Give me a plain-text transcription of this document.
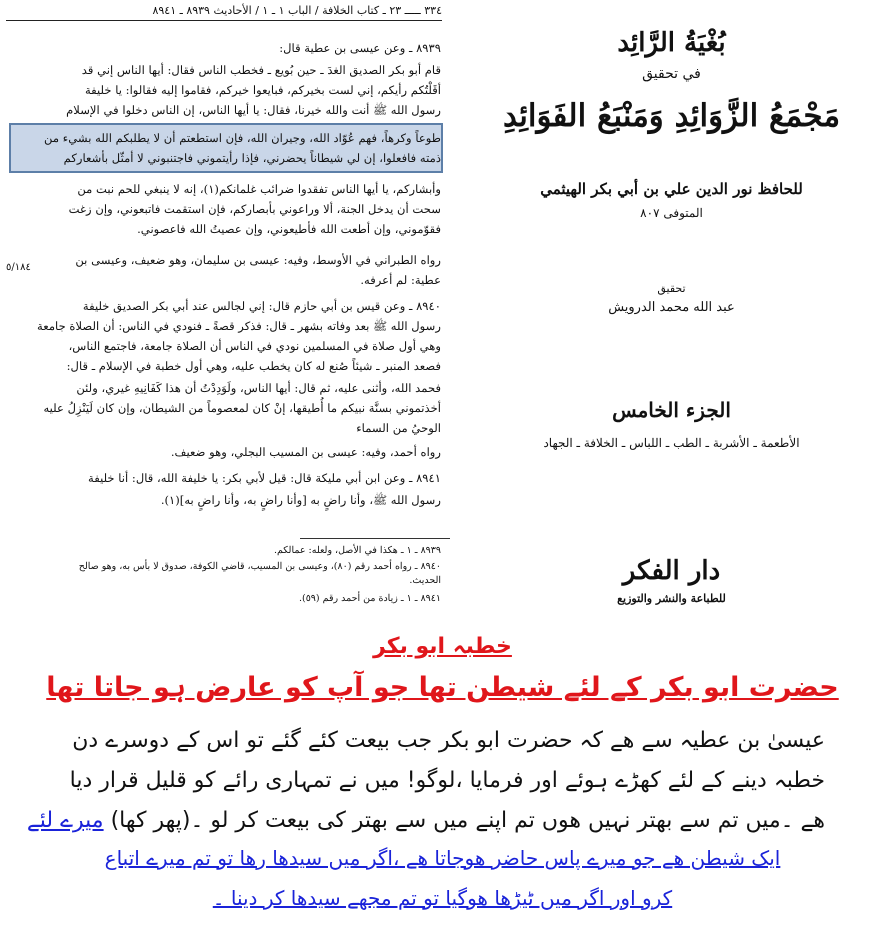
٣٣٤ ـــــ ٢٣ ـ كتاب الخلافة / الباب ١ ـ ١ / الأحاديث ٨٩٣٩ ـ ٨٩٤١
٨٩٣٩ ـ وعن عيسى بن عطية قال:
قام أبو بكر الصديق الغدَ ـ حين بُويع ـ فخطب الناس فقال: أيها الناس إني قد
أقَلْتُكم رأيكم، إني لست بخيركم، فبايعوا خيركم، فقاموا إليه فقالوا: يا خليفة
رسول الله ﷺ أنت والله خيرنا، فقال: يا أيها الناس، إن الناس دخلوا في الإسلام
طوعاً وكرهاً، فهم عُوّاد الله، وجيران الله، فإن استطعتم أن لا يطلبكم الله بشيء من
ذمته فافعلوا، إن لي شيطاناً يحضرني، فإذا رأيتموني فاجتنبوني لا أمثّل بأشعاركم
وأبشاركم، يا أيها الناس تفقدوا ضرائب غلمانكم(١)، إنه لا ينبغي للحم نبت من
سحت أن يدخل الجنة، ألا وراعوني بأبصاركم، فإن استقمت فاتبعوني، وإن زغت
فقوّموني، وإن أطعت الله فأطيعوني، وإن عصيتُ الله فاعصوني.
٥/١٨٤
رواه الطبراني في الأوسط، وفيه: عيسى بن سليمان، وهو ضعيف، وعيسى بن
عطية: لم أعرفه.
٨٩٤٠ ـ وعن قيس بن أبي حازم قال: إني لجالس عند أبي بكر الصديق خليفة
رسول الله ﷺ بعد وفاته بشهر ـ قال: فذكر قصةً ـ فنودي في الناس: أن الصلاة جامعة
وهي أول صلاة في المسلمين نودي في الناس أن الصلاة جامعة، فاجتمع الناس،
فصعد المنبر ـ شيئاً صُنع له كان يخطب عليه، وهي أول خطبة في الإسلام ـ قال:
فحمد الله، وأثنى عليه، ثم قال: أيها الناس، ولَوَدِدْتُ أن هذا كَفَانِيهِ غيري، ولئن
أخذتموني بسنَّة نبيكم ما أُطيقها، إنْ كان لمعصوماً من الشيطان، وإن كان لَيَنْزِلُ عليه
الوحيُ من السماء
رواه أحمد، وفيه: عيسى بن المسيب البجلي، وهو ضعيف.
٨٩٤١ ـ وعن ابن أبي مليكة قال: قيل لأبي بكر: يا خليفة الله، قال: أنا خليفة
رسول الله ﷺ، وأنا راضٍ به [وأنا راضٍ به، وأنا راضٍ به](١).
٨٩٣٩ ـ ١ ـ هكذا في الأصل، ولعله: عمالكم.
٨٩٤٠ ـ رواه أحمد رقم (٨٠)، وعيسى بن المسيب، قاضي الكوفة، صدوق لا بأس به، وهو صالح
الحديث.
٨٩٤١ ـ ١ ـ زيادة من أحمد رقم (٥٩).
بُغْيَةُ الرَّائِد
في تحقيق
مَجْمَعُ الزَّوَائِدِ وَمَنْبَعُ الفَوَائِدِ
للحافظ نور الدين علي بن أبي بكر الهيثمي
المتوفى ٨٠٧
تحقيق
عبد الله محمد الدرويش
الجزء الخامس
الأطعمة ـ الأشربة ـ الطب ـ اللباس ـ الخلافة ـ الجهاد
دار الفكر
للطباعة والنشر والتوزيع
خطبہ ابو بکر
حضرت ابو بکر کے لئے شیطن تھا جو آپ کو عارض ہو جاتا تھا
عیسیٰ بن عطیہ سے ھے کہ حضرت ابو بکر جب بیعت کئے گئے تو اس کے دوسرے دن
خطبہ دینے کے لئے کھڑے ہوئے اور فرمایا ،لوگو! میں نے تمہاری رائے کو قلیل قرار دیا
ھے ۔میں تم سے بھتر نہیں ھوں تم اپنے میں سے بھتر کی بیعت کر لو ۔(پھر کھا) میرے لئے
ایک شیطن ھے جو میرے پاس حاضر ھوجاتا ھے ،اگر میں سیدھا رھا تو تم میرے اتباع
کرو اور اگر میں ٹیڑھا ھوگیا تو تم مجھے سیدھا کر دینا ۔
